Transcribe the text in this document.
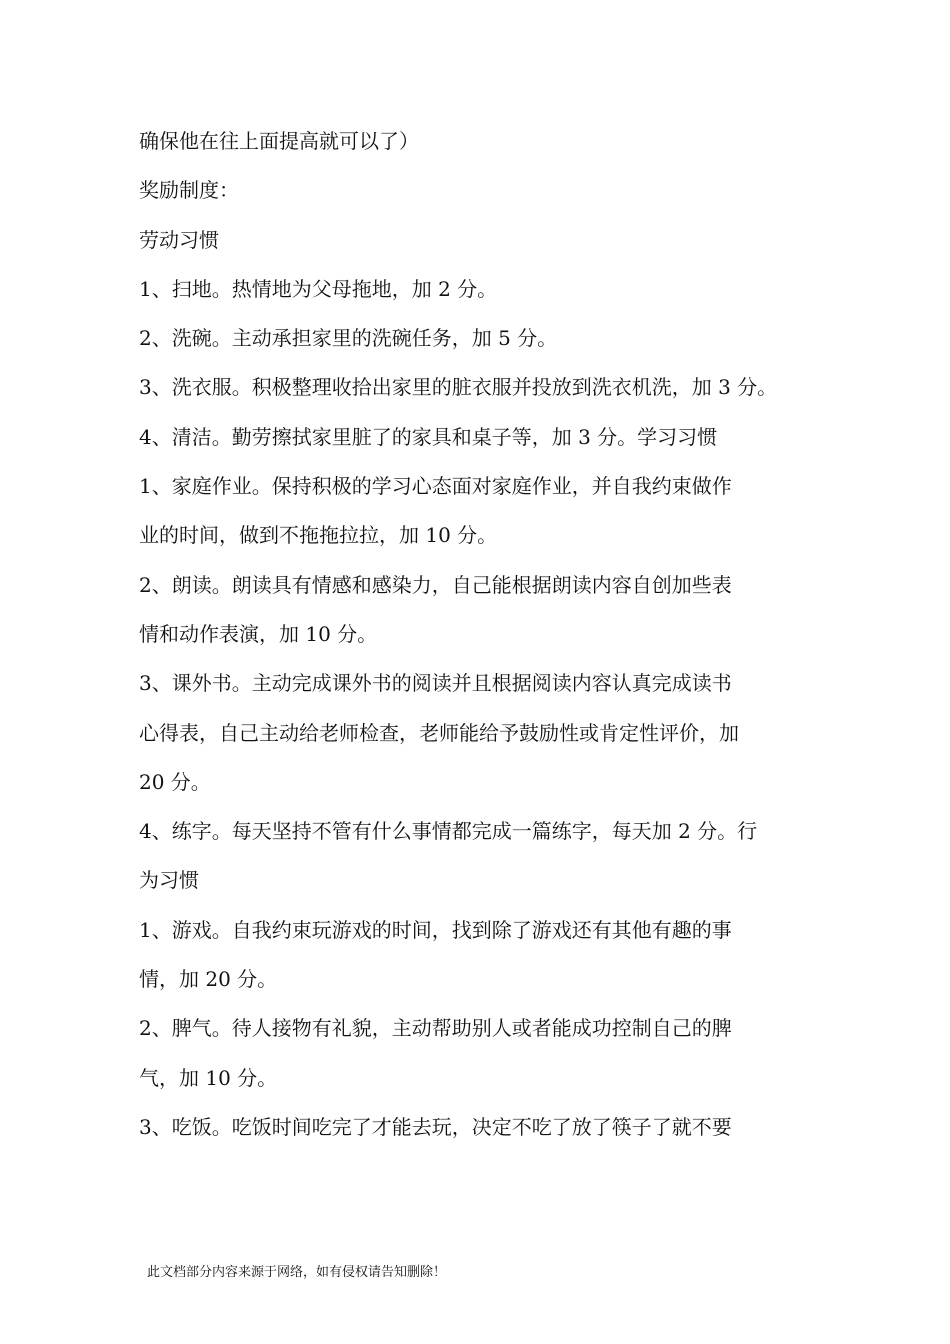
确保他在往上面提高就可以了）
奖励制度：
劳动习惯
1、扫地。热情地为父母拖地，加 2 分。
2、洗碗。主动承担家里的洗碗任务，加 5 分。
3、洗衣服。积极整理收拾出家里的脏衣服并投放到洗衣机洗，加 3 分。
4、清洁。勤劳擦拭家里脏了的家具和桌子等，加 3 分。学习习惯
1、家庭作业。保持积极的学习心态面对家庭作业，并自我约束做作
业的时间，做到不拖拖拉拉，加 10 分。
2、朗读。朗读具有情感和感染力，自己能根据朗读内容自创加些表
情和动作表演，加 10 分。
3、课外书。主动完成课外书的阅读并且根据阅读内容认真完成读书
心得表，自己主动给老师检查，老师能给予鼓励性或肯定性评价，加
20 分。
4、练字。每天坚持不管有什么事情都完成一篇练字，每天加 2 分。行
为习惯
1、游戏。自我约束玩游戏的时间，找到除了游戏还有其他有趣的事
情，加 20 分。
2、脾气。待人接物有礼貌，主动帮助别人或者能成功控制自己的脾
气，加 10 分。
3、吃饭。吃饭时间吃完了才能去玩，决定不吃了放了筷子了就不要
此文档部分内容来源于网络，如有侵权请告知删除！
